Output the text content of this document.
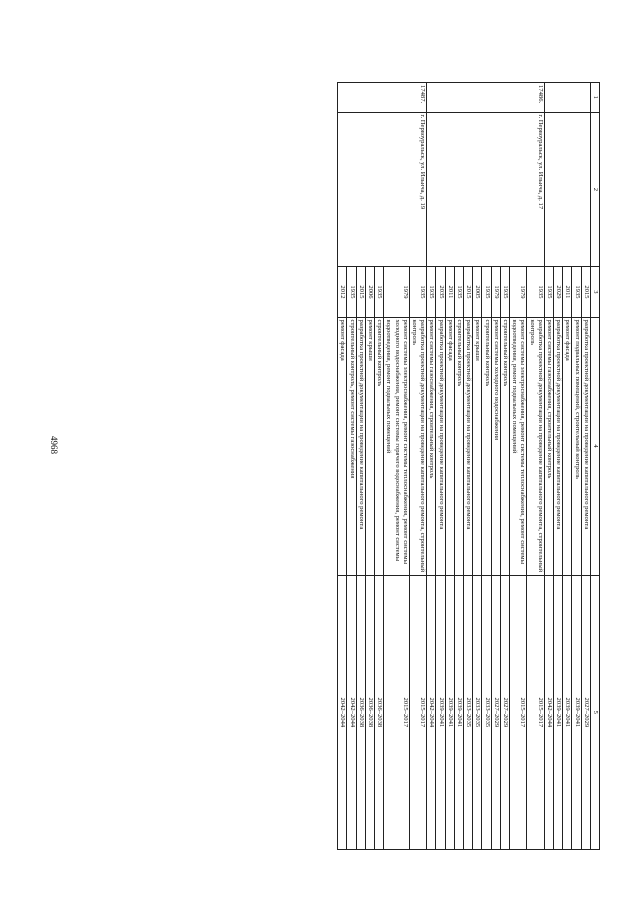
4968
1	2	3	4	5
		2015	разработка проектной документации на проведение капитального ремонта	2027–2029
		1935	ремонт подвальных помещений, строительный контроль	2039–2041
		2011	ремонт фасада	2039–2041
		2029	разработка проектной документации на проведение капитального ремонта	2039–2041
		1935	ремонт системы газоснабжения, строительный контроль	2042–2044
17486.	г. Первоуральск, ул. Ильича, д. 17	1935	разработка проектной документации на проведение капитального ремонта, строительный контроль	2015–2017
		1979	ремонт системы электроснабжения, ремонт системы теплоснабжения, ремонт системы водоотведения, ремонт подвальных помещений	2015–2017
		1935	строительный контроль	2027–2029
		1979	ремонт системы холодного водоснабжения	2027–2029
		1935	строительный контроль	2033–2035
		2005	ремонт крыши	2033–2035
		2015	разработка проектной документации на проведение капитального ремонта	2033–2035
		1935	строительный контроль	2039–2041
		2011	ремонт фасада	2039–2041
		2035	разработка проектной документации на проведение капитального ремонта	2039–2041
		1935	ремонт системы газоснабжения, строительный контроль	2042–2044
17487.	г. Первоуральск, ул. Ильича, д. 19	1935	разработка проектной документации на проведение капитального ремонта, строительный контроль	2015–2017
		1979	ремонт системы электроснабжения, ремонт системы теплоснабжения, ремонт системы холодного водоснабжения, ремонт системы горячего водоснабжения, ремонт системы водоотведения, ремонт подвальных помещений	2015–2017
		1935	строительный контроль	2036–2038
		2006	ремонт крыши	2036–2038
		2015	разработка проектной документации на проведение капитального ремонта	2036–2038
		1935	строительный контроль, ремонт системы газоснабжения	2042–2044
		2012	ремонт фасада	2042–2044
